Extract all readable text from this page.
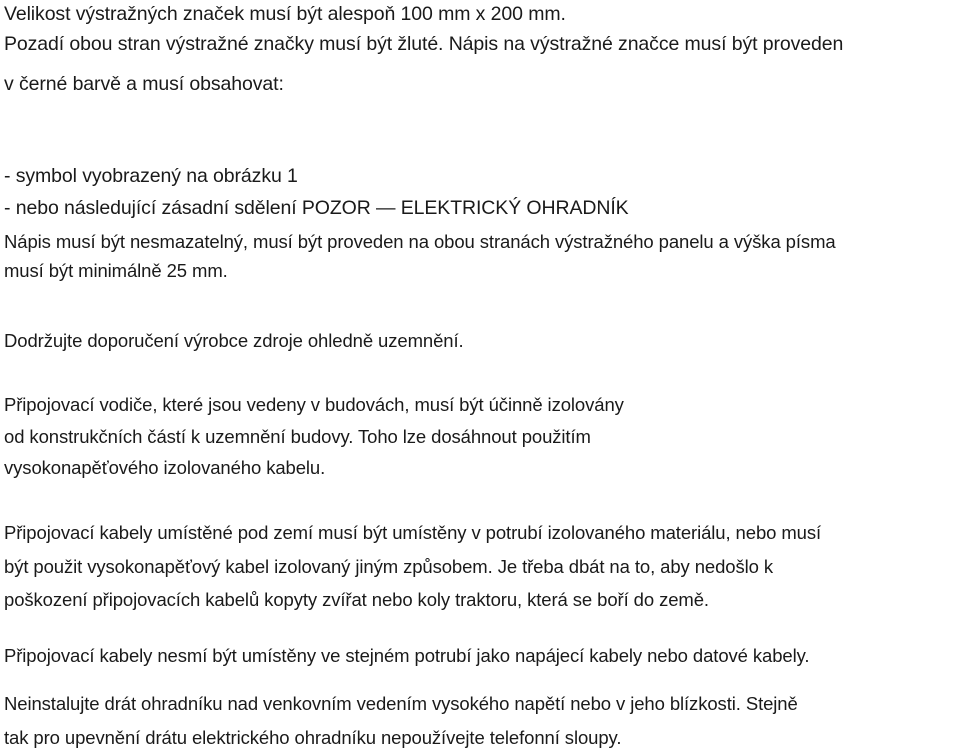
Velikost výstražných značek musí být alespoň 100 mm x 200 mm.
Pozadí obou stran výstražné značky musí být žluté. Nápis na výstražné značce musí být proveden
v černé barvě a musí obsahovat:
- symbol vyobrazený na obrázku 1
- nebo následující zásadní sdělení POZOR — ELEKTRICKÝ OHRADNÍK
Nápis musí být nesmazatelný, musí být proveden na obou stranách výstražného panelu a výška písma
musí být minimálně 25 mm.
Dodržujte doporučení výrobce zdroje ohledně uzemnění.
Připojovací vodiče, které jsou vedeny v budovách, musí být účinně izolovány
od konstrukčních částí k uzemnění budovy. Toho lze dosáhnout použitím
vysokonapěťového izolovaného kabelu.
Připojovací kabely umístěné pod zemí musí být umístěny v potrubí izolovaného materiálu, nebo musí
být použit vysokonapěťový kabel izolovaný jiným způsobem. Je třeba dbát na to, aby nedošlo k
poškození připojovacích kabelů kopyty zvířat nebo koly traktoru, která se boří do země.
Připojovací kabely nesmí být umístěny ve stejném potrubí jako napájecí kabely nebo datové kabely.
Neinstalujte drát ohradníku nad venkovním vedením vysokého napětí nebo v jeho blízkosti. Stejně
tak pro upevnění drátu elektrického ohradníku nepoužívejte telefonní sloupy.
